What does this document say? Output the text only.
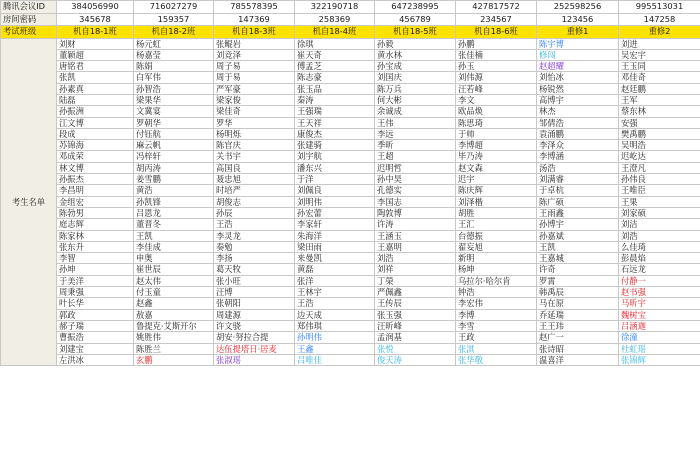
腾讯会议ID	384056990	716027279	785578395	322190718	647238995	427817572	252598256	995513031
房间密码	345678	159357	147369	258369	456789	234567	123456	147258
考试班级	机自18-1班	机自18-2班	机自18-3班	机自18-4班	机自18-5班	机自18-6班	重修1	重修2
考生名单	刘财	杨元虹	张鲲岩	徐琪	孙毅	孙鹏	陈宇博	刘进
	董颖超	杨嘉莹	刘竞泽	崔天奇	黄水林	张佳楠	修闯	吴宏宇
	唐铭君	陈娟	周子易	傅孟芝	孙宝成	孙玉	赵超耀	王玉同
	张凯	白军伟	周于易	陈志豪	刘国庆	刘伟源	刘怡冰	邓佳奇
	孙素真	孙智浩	严军豪	张玉品	陈万兵	汪若峰	杨锐然	赵廷鹏
	陆磊	梁果华	梁家俊	秦涛	何大彬	李文	高博宇	王军
	孙振洲	文冀宴	梁佳奇	王强瑞	余诚成	欧品焕	林杰	蔡东林
	江文博	罗朝华	罗华	王天祥	王伟	陈思琦	邹倩浩	安强
	段成	付钰航	杨明烁	康俊杰	李远	于帅	袁涌鹏	樊禹鹏
	苏锦海	麻云帆	陈官庆	张建骑	季昕	李博超	李泽众	吴明浩
	邓成荣	冯梓轩	关书宇	刘宇航	王超	毕乃涛	李博涵	迟屹达
	林文博	胡丙涛	高国良	潘东兴	迟明哲	赵文森	汤浩	王澄凡
	孙振杰	姜雪鹏	聂忠旭	于洋	孙中昊	迟宇	刘满睿	孙伟良
	李昌明	黄浩	时培严	刘佩良	孔德实	陈庆辉	于卓杭	王唯臣
	金组宏	孙凯锋	胡俊志	刘明伟	李国志	刘泽楷	陈广硕	王果
	陈勃男	吕恩龙	孙辰	孙宏蕾	陶敦博	胡胜	王雨鑫	刘家硕
	庭志辉	董晋冬	王浩	李家轩	许涛	王汇	孙博宇	刘洁
	陈家林	王凯	李灵龙	朱海洋	王涵玉	台德振	孙嘉斌	刘浩
	张东升	李佳成	奏勉	梁田雨	王嘉明	翟妄旭	王凯	么佳琦
	李智	申奥	李扬	来曼凯	刘浩	新明	王嘉城	彭晨焰
	孙坤	崔世辰	葛天牧	黄磊	刘祥	杨坤	许奇	石远龙
	于美洋	赵太伟	张小旺	张洋	丁榮	乌拉尔·哈尔肯	罗霄	付静一
	周秉强	付玉童	汪博	王林宇	严佩鑫	钟浩	韩禹辰	赵书强
	叶长华	赵鑫	张朝阳	王浩	王传辰	李宏伟	马在原	马昕宇
	郭政	敖嘉	周建源	边天成	张玉强	李博	乔延瑞	魏树宝
	郝子瑞	鲁提克·艾斯开尔	许文骁	郑伟琪	汪昕峰	李雪	王王玮	吕涵迦
	曹振浩	姚胜伟	胡安·努拉合提	孙明伟	孟润基	王政	赵广一	徐潼
	刘建宝	陈胜兰	达伍提塔日·居麦	王鑫	张悦	张淇	张诗昭	杜虹瑶
	左洪冰	玄鹏	张淑瑶	吕唯佳	俊天涛	张华敬	温喜洋	张锦辉
